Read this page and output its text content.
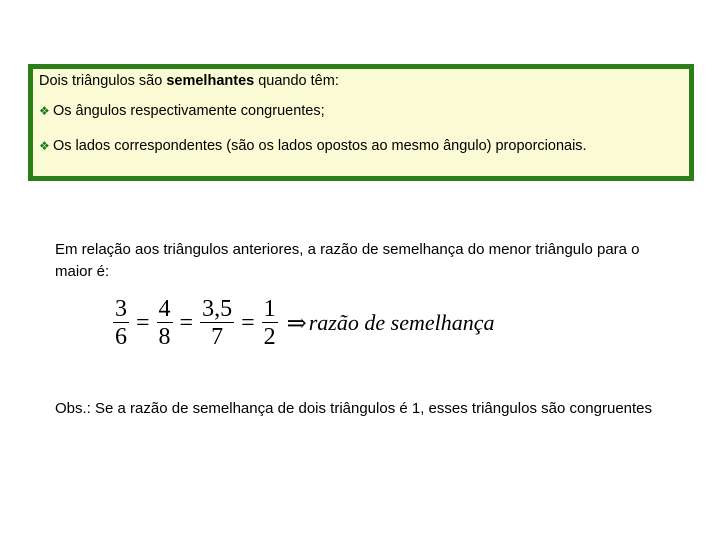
Dois triângulos são semelhantes quando têm:
❖ Os ângulos respectivamente congruentes;
❖ Os lados correspondentes (são os lados opostos ao mesmo ângulo) proporcionais.
Em relação aos triângulos anteriores, a razão de semelhança do menor triângulo para o maior é:
$\frac{3}{6} = \frac{4}{8} = \frac{3,5}{7} = \frac{1}{2}$ ⇒ razão de semelhança
Obs.: Se a razão de semelhança de dois triângulos é 1, esses triângulos são congruentes
